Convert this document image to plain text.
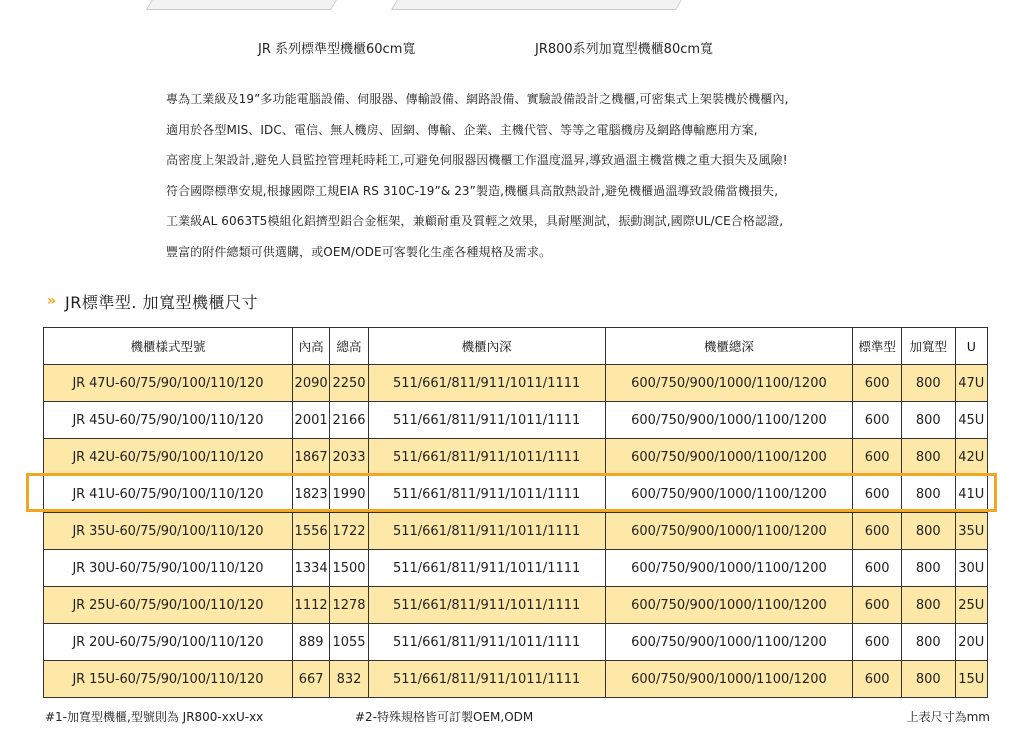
JR 系列標準型機櫃60cm寬	JR800系列加寬型機櫃80cm寬
專為工業級及19”多功能電腦設備、伺服器、傳輸設備、網路設備、實驗設備設計之機櫃,可密集式上架裝機於機櫃內,
適用於各型MIS、IDC、電信、無人機房、固網、傳輸、企業、主機代管、等等之電腦機房及網路傳輸應用方案,
高密度上架設計,避免人員監控管理耗時耗工,可避免伺服器因機櫃工作溫度溫昇,導致過溫主機當機之重大損失及風險!
符合國際標準安規,根據國際工規EIA RS 310C-19”& 23”製造,機櫃具高散熱設計,避免機櫃過溫導致設備當機損失,
工業級AL 6063T5模組化鋁擠型鋁合金框架，兼顧耐重及質輕之效果，具耐壓測試，振動測試,國際UL/CE合格認證,
豐富的附件總類可供選購，或OEM/ODE可客製化生產各種規格及需求。
» JR標準型. 加寬型機櫃尺寸
機櫃樣式型號	內高	總高	機櫃內深	機櫃總深	標準型	加寬型	U
JR 47U-60/75/90/100/110/120	2090	2250	511/661/811/911/1011/1111	600/750/900/1000/1100/1200	600	800	47U
JR 45U-60/75/90/100/110/120	2001	2166	511/661/811/911/1011/1111	600/750/900/1000/1100/1200	600	800	45U
JR 42U-60/75/90/100/110/120	1867	2033	511/661/811/911/1011/1111	600/750/900/1000/1100/1200	600	800	42U
JR 41U-60/75/90/100/110/120	1823	1990	511/661/811/911/1011/1111	600/750/900/1000/1100/1200	600	800	41U
JR 35U-60/75/90/100/110/120	1556	1722	511/661/811/911/1011/1111	600/750/900/1000/1100/1200	600	800	35U
JR 30U-60/75/90/100/110/120	1334	1500	511/661/811/911/1011/1111	600/750/900/1000/1100/1200	600	800	30U
JR 25U-60/75/90/100/110/120	1112	1278	511/661/811/911/1011/1111	600/750/900/1000/1100/1200	600	800	25U
JR 20U-60/75/90/100/110/120	889	1055	511/661/811/911/1011/1111	600/750/900/1000/1100/1200	600	800	20U
JR 15U-60/75/90/100/110/120	667	832	511/661/811/911/1011/1111	600/750/900/1000/1100/1200	600	800	15U
#1-加寬型機櫃,型號則為 JR800-xxU-xx	#2-特殊規格皆可訂製OEM,ODM	上表尺寸為mm
